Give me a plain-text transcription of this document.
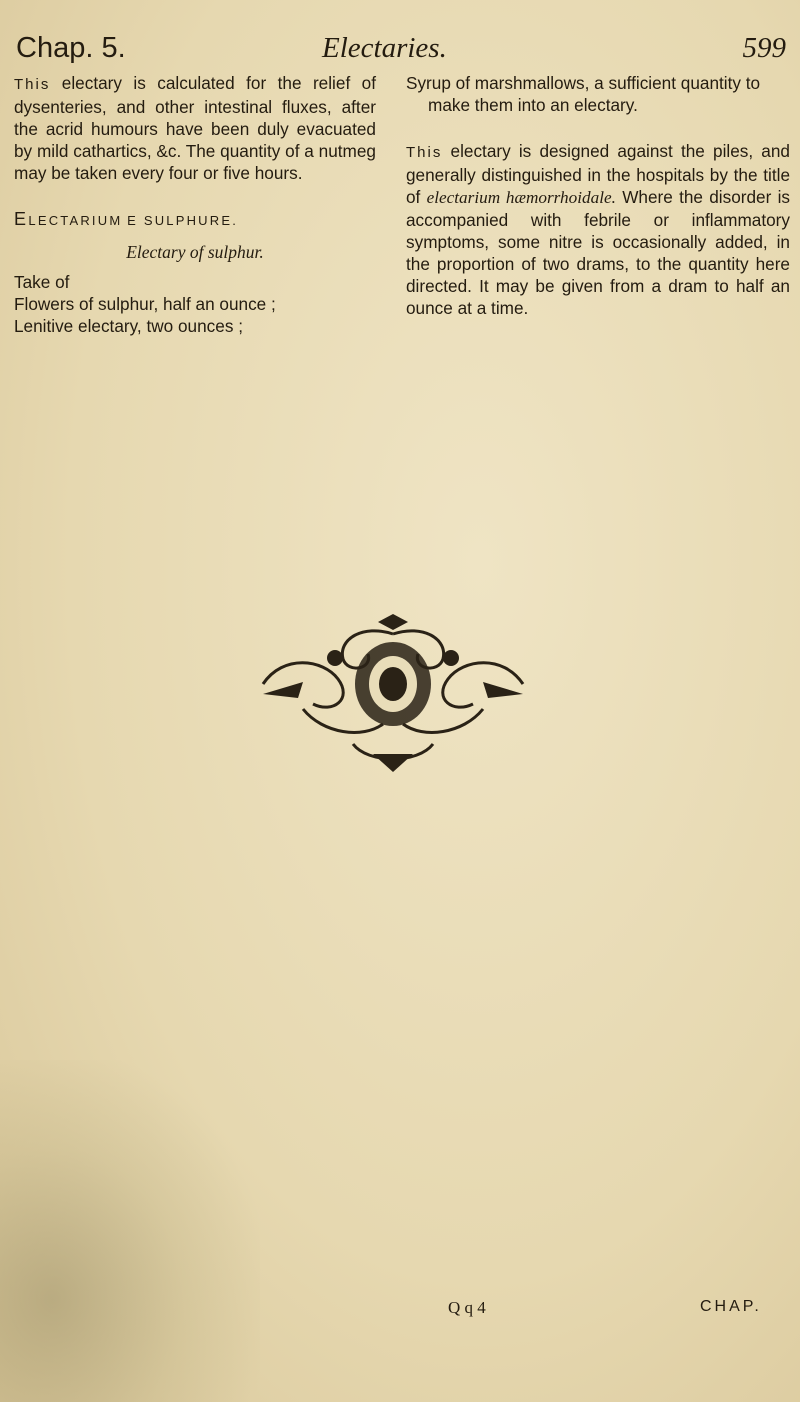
Chap. 5.	Electaries.	599

This electary is calculated for the relief of dysenteries, and other intestinal fluxes, after the acrid humours have been duly evacuated by mild cathartics, &c. The quantity of a nutmeg may be taken every four or five hours.

ELECTARIUM E SULPHURE.

Electary of sulphur.

Take of

Flowers of sulphur, half an ounce ;

Lenitive electary, two ounces ;

Syrup of marshmallows, a sufficient quantity to make them into an electary.

This electary is designed against the piles, and generally distinguished in the hospitals by the title of electarium hæmorrhoidale. Where the disorder is accompanied with febrile or inflammatory symptoms, some nitre is occasionally added, in the proportion of two drams, to the quantity here directed. It may be given from a dram to half an ounce at a time.

Q q 4	CHAP.
